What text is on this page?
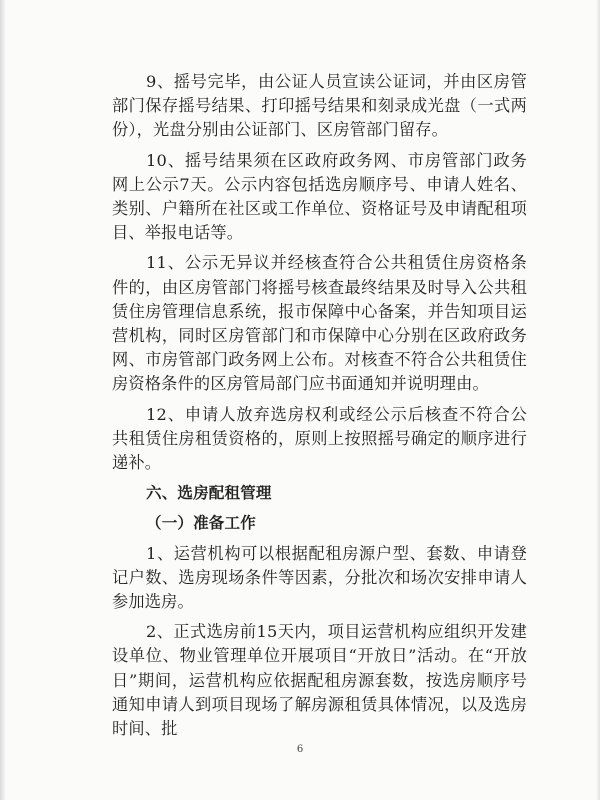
9、摇号完毕，由公证人员宣读公证词，并由区房管部门保存摇号结果、打印摇号结果和刻录成光盘（一式两份），光盘分别由公证部门、区房管部门留存。

10、摇号结果须在区政府政务网、市房管部门政务网上公示7天。公示内容包括选房顺序号、申请人姓名、类别、户籍所在社区或工作单位、资格证号及申请配租项目、举报电话等。

11、公示无异议并经核查符合公共租赁住房资格条件的，由区房管部门将摇号核查最终结果及时导入公共租赁住房管理信息系统，报市保障中心备案，并告知项目运营机构，同时区房管部门和市保障中心分别在区政府政务网、市房管部门政务网上公布。对核查不符合公共租赁住房资格条件的区房管局部门应书面通知并说明理由。

12、申请人放弃选房权利或经公示后核查不符合公共租赁住房租赁资格的，原则上按照摇号确定的顺序进行递补。

六、选房配租管理

（一）准备工作

1、运营机构可以根据配租房源户型、套数、申请登记户数、选房现场条件等因素，分批次和场次安排申请人参加选房。

2、正式选房前15天内，项目运营机构应组织开发建设单位、物业管理单位开展项目“开放日”活动。在“开放日”期间，运营机构应依据配租房源套数，按选房顺序号通知申请人到项目现场了解房源租赁具体情况，以及选房时间、批

6
